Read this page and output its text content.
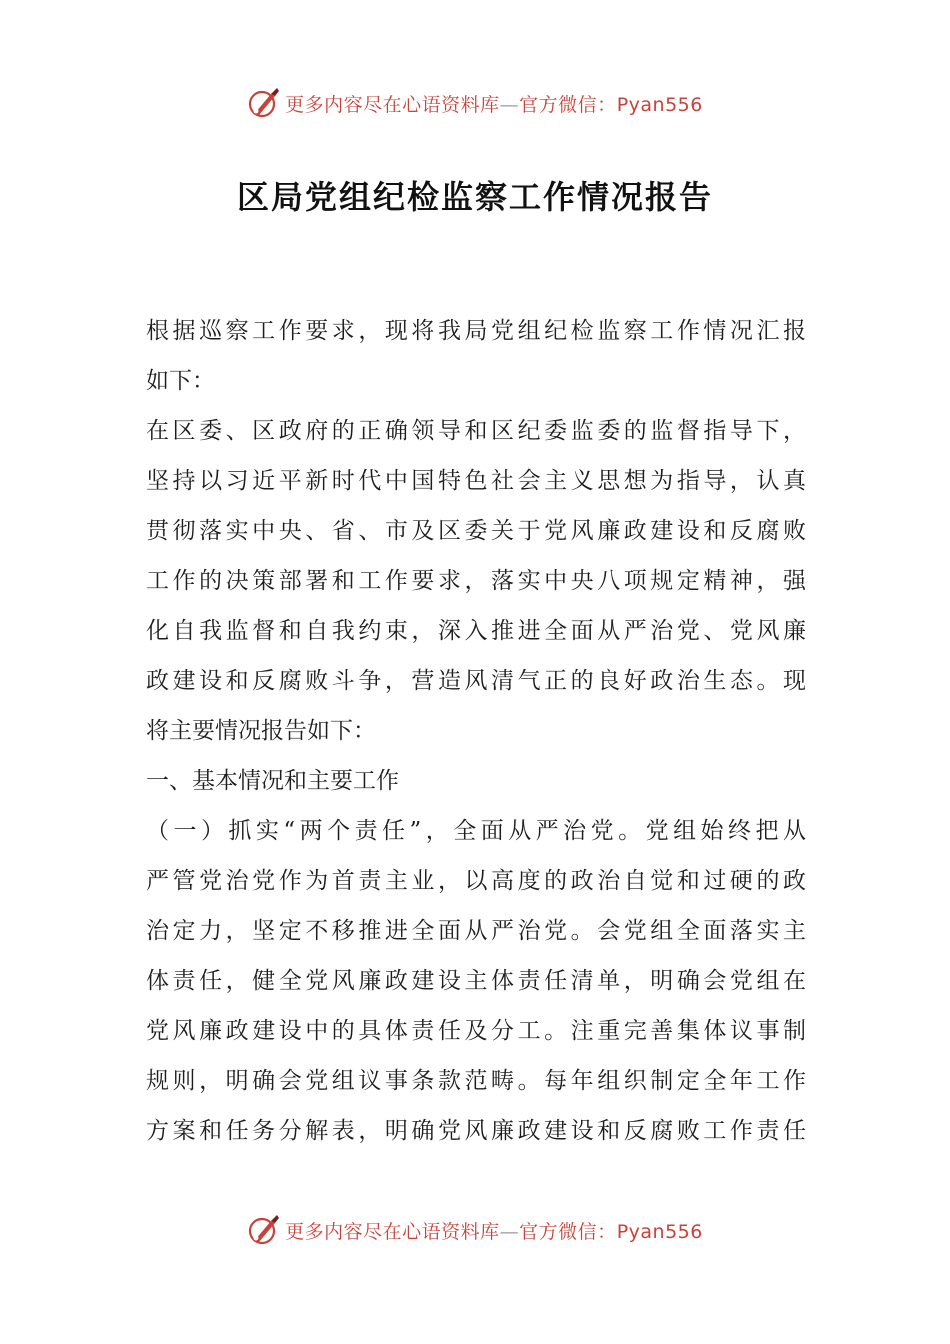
更多内容尽在心语资料库—官方微信：Pyan556
区局党组纪检监察工作情况报告
根据巡察工作要求，现将我局党组纪检监察工作情况汇报
如下：
在区委、区政府的正确领导和区纪委监委的监督指导下，
坚持以习近平新时代中国特色社会主义思想为指导，认真
贯彻落实中央、省、市及区委关于党风廉政建设和反腐败
工作的决策部署和工作要求，落实中央八项规定精神，强
化自我监督和自我约束，深入推进全面从严治党、党风廉
政建设和反腐败斗争，营造风清气正的良好政治生态。现
将主要情况报告如下：
一、基本情况和主要工作
（一）抓实“两个责任”，全面从严治党。党组始终把从
严管党治党作为首责主业，以高度的政治自觉和过硬的政
治定力，坚定不移推进全面从严治党。会党组全面落实主
体责任，健全党风廉政建设主体责任清单，明确会党组在
党风廉政建设中的具体责任及分工。注重完善集体议事制
规则，明确会党组议事条款范畴。每年组织制定全年工作
方案和任务分解表，明确党风廉政建设和反腐败工作责任
更多内容尽在心语资料库—官方微信：Pyan556
